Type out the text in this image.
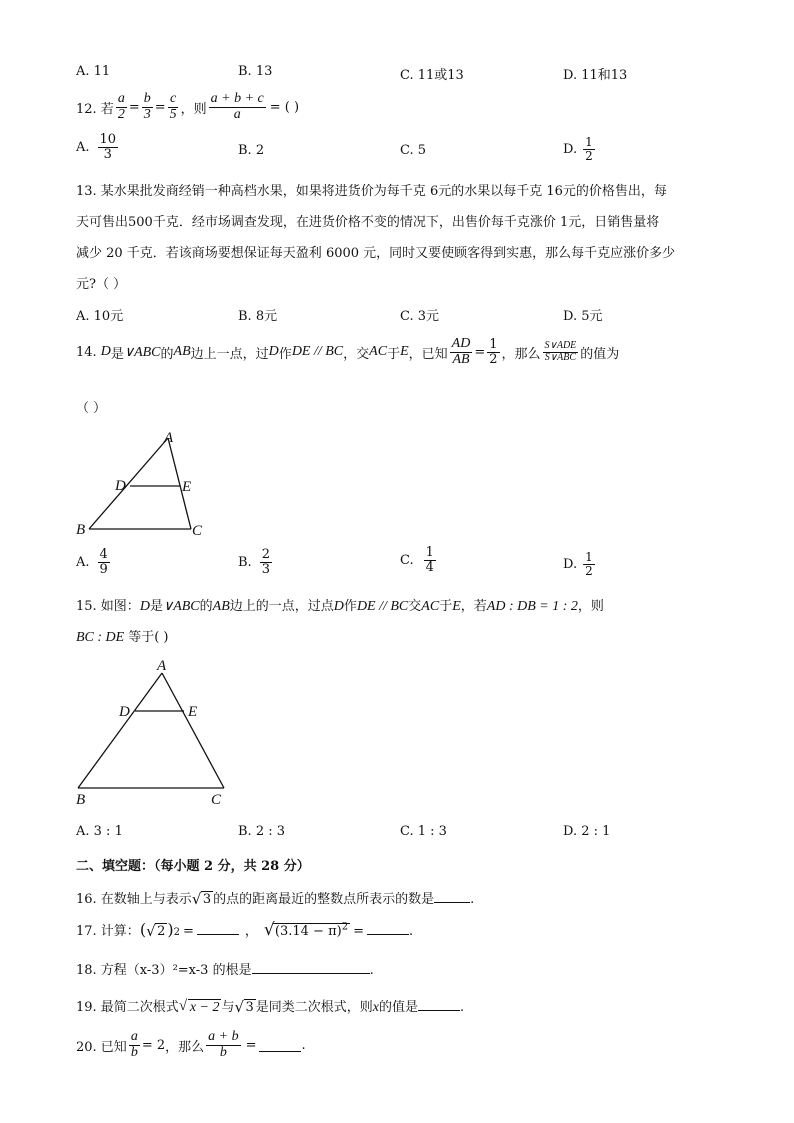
A. 11	B. 13	C. 11或13	D. 11和13
12. 若 $\frac{a}{2} = \frac{b}{3} = \frac{c}{5}$ ，则 $\frac{a + b + c}{a}$ = ( )
A. $\frac{10}{3}$	B. 2	C. 5	D. $\frac{1}{2}$
13. 某水果批发商经销一种高档水果，如果将进货价为每千克 6元的水果以每千克 16元的价格售出，每
天可售出500千克．经市场调查发现，在进货价格不变的情况下，出售价每千克涨价 1元，日销售量将
减少 20 千克．若该商场要想保证每天盈利 6000 元，同时又要使顾客得到实惠，那么每千克应涨价多少
元?（ ）
A. 10元	B. 8元	C. 3元	D. 5元
14. D 是 ∨ABC 的 AB 边上一点，过 D 作 DE // BC ，交 AC 于 E ，已知 $\frac{AD}{AB} = \frac{1}{2}$ ，那么 $\frac{\text{S∨ADE}}{\text{S∨ABC}}$ 的值为
（ ）
A
D	E
B	C
A. $\frac{4}{9}$	B. $\frac{2}{3}$	C. $\frac{1}{4}$	D. $\frac{1}{2}$
15. 如图：D是∨ABC的AB边上的一点，过点D作DE // BC交AC于E，若AD : DB = 1 : 2，则
BC : DE 等于( )
A
D	E
B	C
A. 3 : 1	B. 2 : 3	C. 1 : 3	D. 2 : 1
二、填空题：（每小题 2 分，共 28 分）
16. 在数轴上与表示 √ 3 的点的距离最近的整数点所表示的数是	.
17. 计算： ( √ 2 )$_2$ =	， √ $(3.14 - \pi)^2$ =	.
18. 方程（x-3）²=x-3 的根是	.
19. 最简二次根式 √ x − 2 与 √ 3 是同类二次根式，则 x 的值是	.
20. 已知 $\frac{a}{b} = 2$ ，那么 $\frac{a + b}{b}$ =	.
